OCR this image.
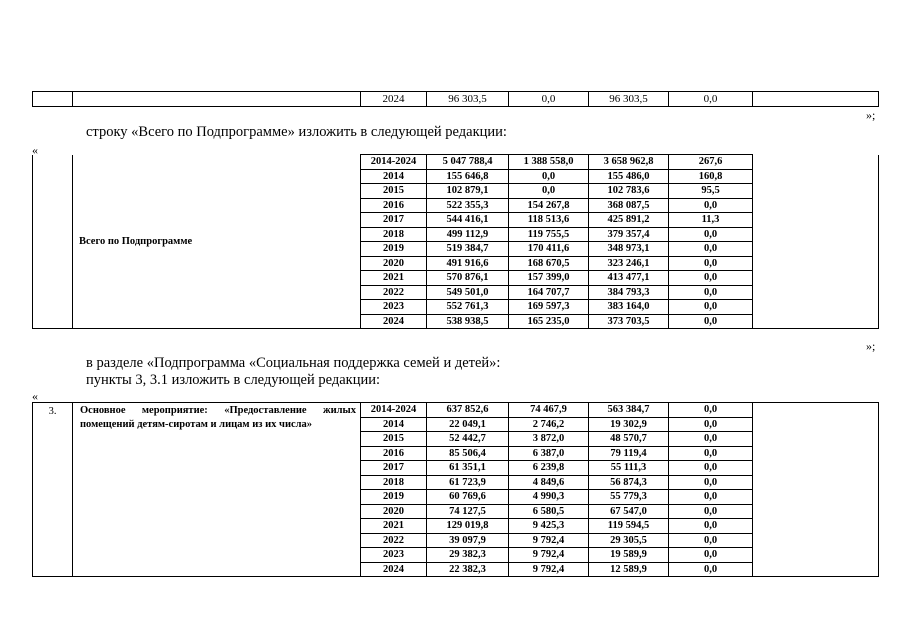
		2024	96 303,5	0,0	96 303,5	0,0	
»;
строку «Всего по Подпрограмме» изложить в следующей редакции:
«
	Всего по Подпрограмме	2014-2024	5 047 788,4	1 388 558,0	3 658 962,8	267,6	
		2014	155 646,8	0,0	155 486,0	160,8	
		2015	102 879,1	0,0	102 783,6	95,5	
		2016	522 355,3	154 267,8	368 087,5	0,0	
		2017	544 416,1	118 513,6	425 891,2	11,3	
		2018	499 112,9	119 755,5	379 357,4	0,0	
		2019	519 384,7	170 411,6	348 973,1	0,0	
		2020	491 916,6	168 670,5	323 246,1	0,0	
		2021	570 876,1	157 399,0	413 477,1	0,0	
		2022	549 501,0	164 707,7	384 793,3	0,0	
		2023	552 761,3	169 597,3	383 164,0	0,0	
		2024	538 938,5	165 235,0	373 703,5	0,0	
»;
в разделе «Подпрограмма «Социальная поддержка семей и детей»:
пункты 3, 3.1 изложить в следующей редакции:
«
3.	Основное мероприятие: «Предоставление жилых помещений детям-сиротам и лицам из их числа»	2014-2024	637 852,6	74 467,9	563 384,7	0,0	
		2014	22 049,1	2 746,2	19 302,9	0,0	
		2015	52 442,7	3 872,0	48 570,7	0,0	
		2016	85 506,4	6 387,0	79 119,4	0,0	
		2017	61 351,1	6 239,8	55 111,3	0,0	
		2018	61 723,9	4 849,6	56 874,3	0,0	
		2019	60 769,6	4 990,3	55 779,3	0,0	
		2020	74 127,5	6 580,5	67 547,0	0,0	
		2021	129 019,8	9 425,3	119 594,5	0,0	
		2022	39 097,9	9 792,4	29 305,5	0,0	
		2023	29 382,3	9 792,4	19 589,9	0,0	
		2024	22 382,3	9 792,4	12 589,9	0,0	
